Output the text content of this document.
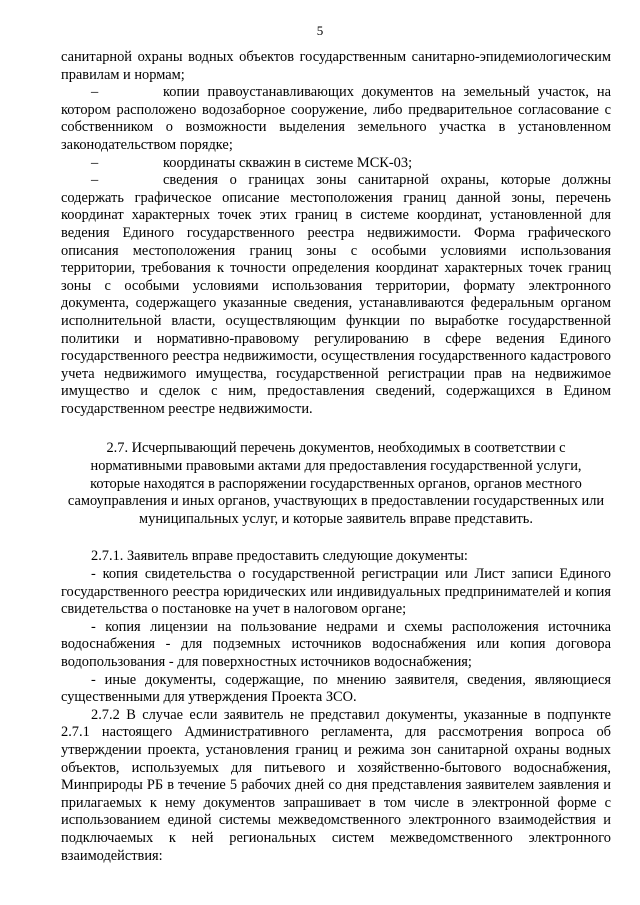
5

санитарной охраны водных объектов государственным санитарно-эпидемиологическим правилам и нормам;

–	копии правоустанавливающих документов на земельный участок, на котором расположено водозаборное сооружение, либо предварительное согласование с собственником о возможности выделения земельного участка в установленном законодательством порядке;

–	координаты скважин в системе МСК-03;

–	сведения о границах зоны санитарной охраны, которые должны содержать графическое описание местоположения границ данной зоны, перечень координат характерных точек этих границ в системе координат, установленной для ведения Единого государственного реестра недвижимости. Форма графического описания местоположения границ зоны с особыми условиями использования территории, требования к точности определения координат характерных точек границ зоны с особыми условиями использования территории, формату электронного документа, содержащего указанные сведения, устанавливаются федеральным органом исполнительной власти, осуществляющим функции по выработке государственной политики и нормативно-правовому регулированию в сфере ведения Единого государственного реестра недвижимости, осуществления государственного кадастрового учета недвижимого имущества, государственной регистрации прав на недвижимое имущество и сделок с ним, предоставления сведений, содержащихся в Едином государственном реестре недвижимости.

2.7. Исчерпывающий перечень документов, необходимых в соответствии с нормативными правовыми актами для предоставления государственной услуги, которые находятся в распоряжении государственных органов, органов местного самоуправления и иных органов, участвующих в предоставлении государственных или муниципальных услуг, и которые заявитель вправе представить.

2.7.1. Заявитель вправе предоставить следующие документы:

- копия свидетельства о государственной регистрации или Лист записи Единого государственного реестра юридических или индивидуальных предпринимателей и копия свидетельства о постановке на учет в налоговом органе;

- копия лицензии на пользование недрами и схемы расположения источника водоснабжения - для подземных источников водоснабжения или копия договора водопользования - для поверхностных источников водоснабжения;

- иные документы, содержащие, по мнению заявителя, сведения, являющиеся существенными для утверждения Проекта ЗСО.

2.7.2 В случае если заявитель не представил документы, указанные в подпункте 2.7.1 настоящего Административного регламента, для рассмотрения вопроса об утверждении проекта, установления границ и режима зон санитарной охраны водных объектов, используемых для питьевого и хозяйственно-бытового водоснабжения, Минприроды РБ в течение 5 рабочих дней со дня представления заявителем заявления и прилагаемых к нему документов запрашивает в том числе в электронной форме с использованием единой системы межведомственного электронного взаимодействия и подключаемых к ней региональных систем межведомственного электронного взаимодействия:
